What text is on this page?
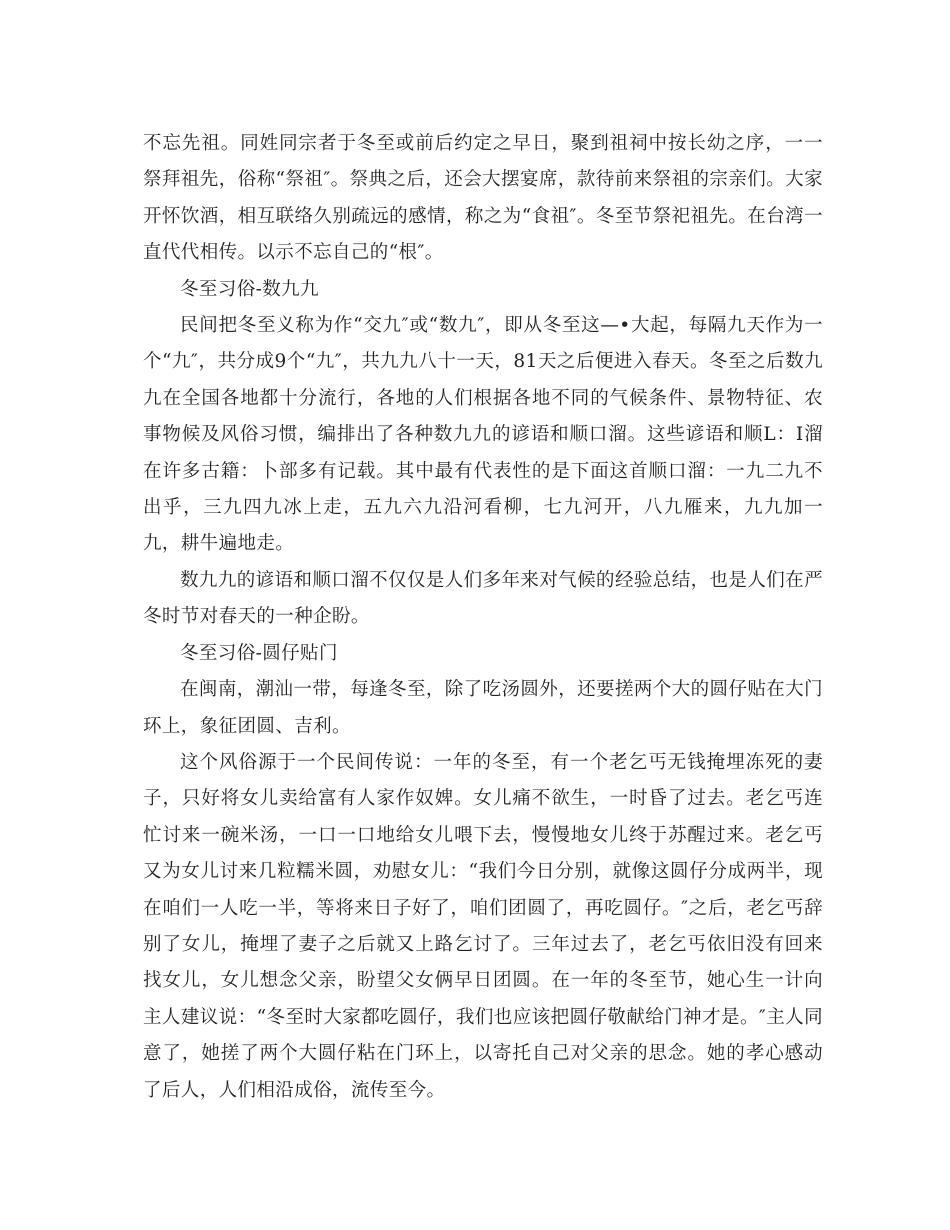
不忘先祖。同姓同宗者于冬至或前后约定之早日，聚到祖祠中按长幼之序，一一祭拜祖先，俗称“祭祖″。祭典之后，还会大摆宴席，款待前来祭祖的宗亲们。大家开怀饮酒，相互联络久别疏远的感情，称之为“食祖″。冬至节祭祀祖先。在台湾一直代代相传。以示不忘自己的“根″。

冬至习俗-数九九

民间把冬至义称为作“交九″或“数九″，即从冬至这—•大起，每隔九天作为一个“九″，共分成9个“九″，共九九八十一天，81天之后便进入春天。冬至之后数九九在全国各地都十分流行，各地的人们根据各地不同的气候条件、景物特征、农事物候及风俗习惯，编排出了各种数九九的谚语和顺口溜。这些谚语和顺L：I溜在许多古籍：卜部多有记载。其中最有代表性的是下面这首顺口溜：一九二九不出乎，三九四九冰上走，五九六九沿河看柳，七九河开，八九雁来，九九加一九，耕牛遍地走。

数九九的谚语和顺口溜不仅仅是人们多年来对气候的经验总结，也是人们在严冬时节对春天的一种企盼。

冬至习俗-圆仔贴门

在闽南，潮汕一带，每逢冬至，除了吃汤圆外，还要搓两个大的圆仔贴在大门环上，象征团圆、吉利。

这个风俗源于一个民间传说：一年的冬至，有一个老乞丐无钱掩埋冻死的妻子，只好将女儿卖给富有人家作奴婢。女儿痛不欲生，一时昏了过去。老乞丐连忙讨来一碗米汤，一口一口地给女儿喂下去，慢慢地女儿终于苏醒过来。老乞丐又为女儿讨来几粒糯米圆，劝慰女儿：“我们今日分别，就像这圆仔分成两半，现在咱们一人吃一半，等将来日子好了，咱们团圆了，再吃圆仔。″之后，老乞丐辞别了女儿，掩埋了妻子之后就又上路乞讨了。三年过去了，老乞丐依旧没有回来找女儿，女儿想念父亲，盼望父女俩早日团圆。在一年的冬至节，她心生一计向主人建议说：“冬至时大家都吃圆仔，我们也应该把圆仔敬献给门神才是。″主人同意了，她搓了两个大圆仔粘在门环上，以寄托自己对父亲的思念。她的孝心感动了后人，人们相沿成俗，流传至今。
